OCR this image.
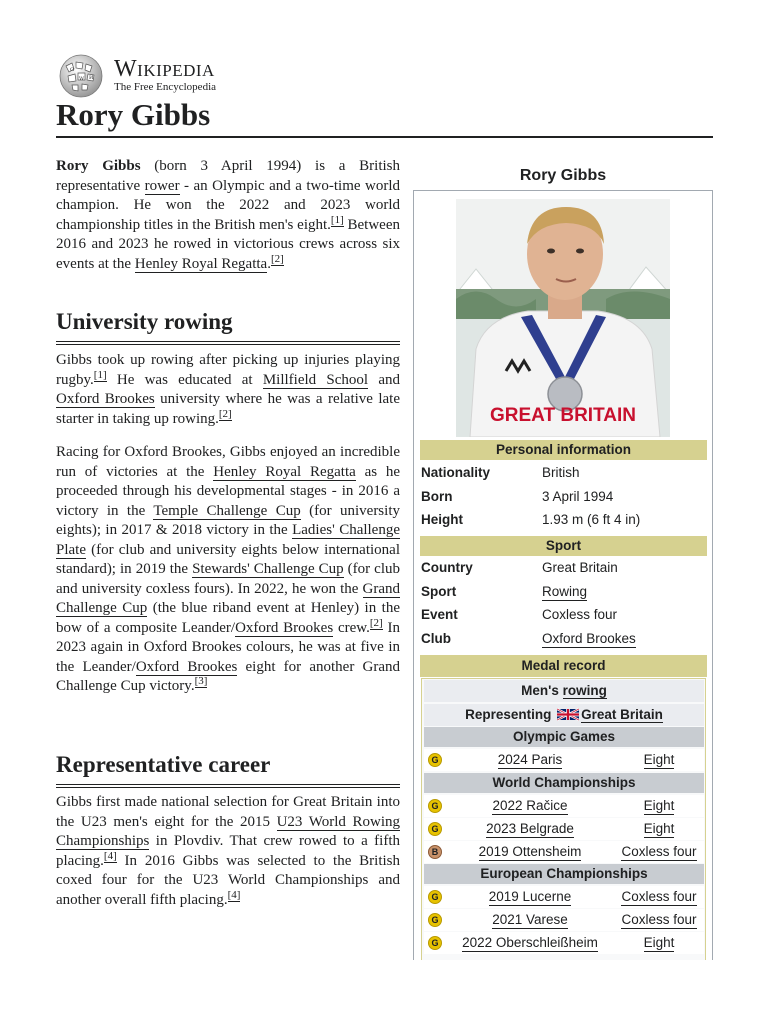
Ω
W И Wikipedia
The Free Encyclopedia
Rory Gibbs

Rory Gibbs (born 3 April 1994) is a British representative rower - an Olympic and a two-time world champion. He won the 2022 and 2023 world championship titles in the British men's eight.[1] Between 2016 and 2023 he rowed in victorious crews across six events at the Henley Royal Regatta.[2]

University rowing

Gibbs took up rowing after picking up injuries playing rugby.[1] He was educated at Millfield School and Oxford Brookes university where he was a relative late starter in taking up rowing.[2]

Racing for Oxford Brookes, Gibbs enjoyed an incredible run of victories at the Henley Royal Regatta as he proceeded through his developmental stages - in 2016 a victory in the Temple Challenge Cup (for university eights); in 2017 & 2018 victory in the Ladies' Challenge Plate (for club and university eights below international standard); in 2019 the Stewards' Challenge Cup (for club and university coxless fours). In 2022, he won the Grand Challenge Cup (the blue riband event at Henley) in the bow of a composite Leander/Oxford Brookes crew.[2] In 2023 again in Oxford Brookes colours, he was at five in the Leander/Oxford Brookes eight for another Grand Challenge Cup victory.[3]

Representative career

Gibbs first made national selection for Great Britain into the U23 men's eight for the 2015 U23 World Rowing Championships in Plovdiv. That crew rowed to a fifth placing.[4] In 2016 Gibbs was selected to the British coxed four for the U23 World Championships and another overall fifth placing.[4]

Rory Gibbs
GREAT BRITAIN
Personal information
Nationality	British
Born	3 April 1994
Height	1.93 m (6 ft 4 in)
Sport
Country	Great Britain
Sport	Rowing
Event	Coxless four
Club	Oxford Brookes
Medal record
Men's rowing
Representing Great Britain
Olympic Games
G	2024 Paris	Eight
World Championships
G	2022 Račice	Eight
G	2023 Belgrade	Eight
B	2019 Ottensheim	Coxless four
European Championships
G	2019 Lucerne	Coxless four
G	2021 Varese	Coxless four
G	2022 Oberschleißheim	Eight
